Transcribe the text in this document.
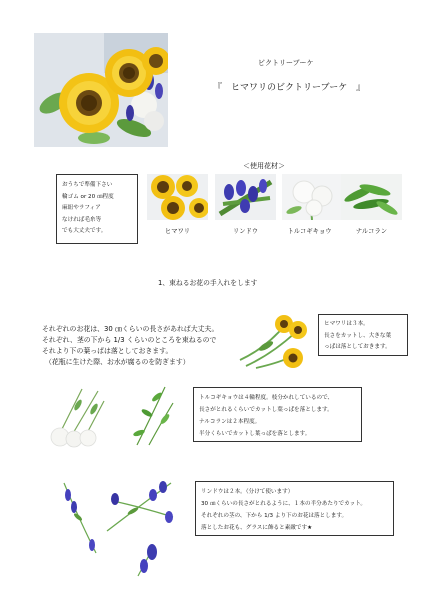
ビクトリーブーケ
『　ヒマワリのビクトリーブーケ　』
＜使用花材＞
おうちで準備下さい
輪ゴム or 20 ㎝程度
麻紐やラフィア
なければ毛糸等
でも大丈夫です。	ヒマワリ	リンドウ	トルコギキョウ	ナルコラン
1、束ねるお花の手入れをします
それぞれのお花は、30 ㎝くらいの長さがあれば大丈夫。
それぞれ、茎の下から 1/3 くらいのところを束ねるので
それより下の葉っぱは落としておきます。
（花瓶に生けた際、お水が腐るのを防ぎます）
ヒマワリは３本。
長さをカットし、大きな葉
っぱは落としておきます。
トルコギキョウは４輪程度。枝分かれしているので、
長さがとれるくらいでカットし葉っぱを落とします。
ナルコランは２本程度。
半分くらいでカットし葉っぱを落とします。
リンドウは２本。（分けて使います）
30 ㎝くらいの長さがとれるように、１本の半分あたりでカット。
それぞれの茎の、下から 1/3 より下のお花は落とします。
落としたお花も、グラスに飾ると素敵です★
